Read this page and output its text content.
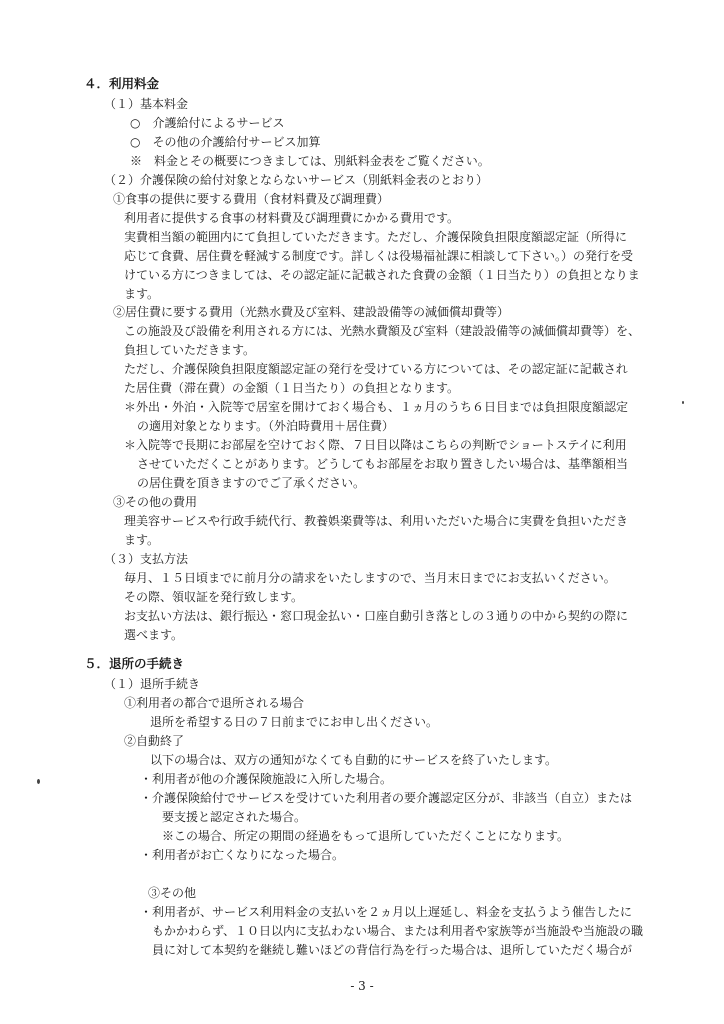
４．利用料金
（１）基本料金
○　介護給付によるサービス
○　その他の介護給付サービス加算
※　料金とその概要につきましては、別紙料金表をご覧ください。
（２）介護保険の給付対象とならないサービス（別紙料金表のとおり）
①食事の提供に要する費用（食材料費及び調理費）
利用者に提供する食事の材料費及び調理費にかかる費用です。
実費相当額の範囲内にて負担していただきます。ただし、介護保険負担限度額認定証（所得に
応じて食費、居住費を軽減する制度です。詳しくは役場福祉課に相談して下さい。）の発行を受
けている方につきましては、その認定証に記載された食費の金額（１日当たり）の負担となりま
ます。
②居住費に要する費用（光熱水費及び室料、建設設備等の減価償却費等）
この施設及び設備を利用される方には、光熱水費額及び室料（建設設備等の減価償却費等）を、
負担していただきます。
ただし、介護保険負担限度額認定証の発行を受けている方については、その認定証に記載され
た居住費（滞在費）の金額（１日当たり）の負担となります。
＊外出・外泊・入院等で居室を開けておく場合も、１ヵ月のうち６日目までは負担限度額認定
の適用対象となります。（外泊時費用＋居住費）
＊入院等で長期にお部屋を空けておく際、７日目以降はこちらの判断でショートステイに利用
させていただくことがあります。どうしてもお部屋をお取り置きしたい場合は、基準額相当
の居住費を頂きますのでご了承ください。
③その他の費用
理美容サービスや行政手続代行、教養娯楽費等は、利用いただいた場合に実費を負担いただき
ます。
（３）支払方法
毎月、１５日頃までに前月分の請求をいたしますので、当月末日までにお支払いください。
その際、領収証を発行致します。
お支払い方法は、銀行振込・窓口現金払い・口座自動引き落としの３通りの中から契約の際に
選べます。
５．退所の手続き
（１）退所手続き
①利用者の都合で退所される場合
退所を希望する日の７日前までにお申し出ください。
②自動終了
以下の場合は、双方の通知がなくても自動的にサービスを終了いたします。
・利用者が他の介護保険施設に入所した場合。
・介護保険給付でサービスを受けていた利用者の要介護認定区分が、非該当（自立）または
要支援と認定された場合。
※この場合、所定の期間の経過をもって退所していただくことになります。
・利用者がお亡くなりになった場合。
③その他
・利用者が、サービス利用料金の支払いを２ヵ月以上遅延し、料金を支払うよう催告したに
もかかわらず、１０日以内に支払わない場合、または利用者や家族等が当施設や当施設の職
員に対して本契約を継続し難いほどの背信行為を行った場合は、退所していただく場合が
- 3 -
